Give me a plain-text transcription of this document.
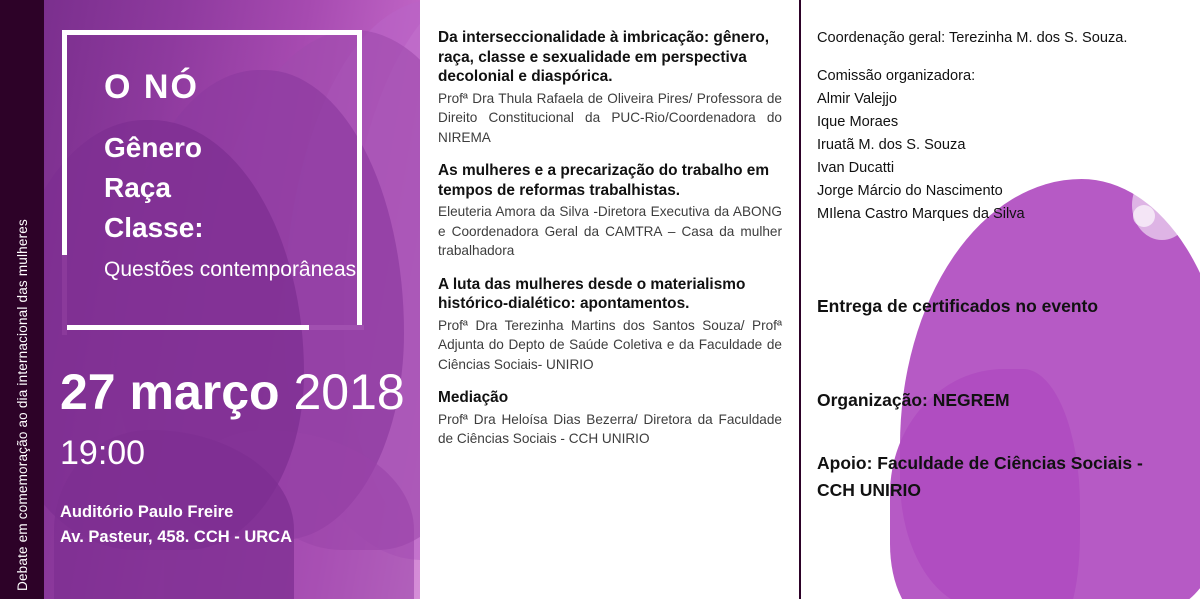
Debate em comemoração ao dia internacional das mulheres
O NÓ
Gênero
Raça
Classe:
Questões contemporâneas
27 março 2018
19:00
Auditório Paulo Freire
Av. Pasteur, 458. CCH - URCA
Da interseccionalidade à imbricação: gênero, raça, classe e sexualidade em perspectiva decolonial e diaspórica.

Profª Dra Thula Rafaela de Oliveira Pires/ Professora de Direito Constitucional da PUC-Rio/Coordenadora do NIREMA

As mulheres e a precarização do trabalho em tempos de reformas trabalhistas.

Eleuteria Amora da Silva -Diretora Executiva da ABONG e Coordenadora Geral da CAMTRA – Casa da mulher trabalhadora

A luta das mulheres desde o materialismo histórico-dialético: apontamentos.

Profª Dra Terezinha Martins dos Santos Souza/ Profª Adjunta do Depto de Saúde Coletiva e da Faculdade de Ciências Sociais- UNIRIO

Mediação

Profª Dra Heloísa Dias Bezerra/ Diretora da Faculdade de Ciências Sociais - CCH UNIRIO

Coordenação geral: Terezinha M. dos S. Souza.

Comissão organizadora:

Almir Valejjo
Ique Moraes
Iruatã M. dos S. Souza
Ivan Ducatti
Jorge Márcio do Nascimento
MIlena Castro Marques da Silva
Entrega de certificados no evento
Organização: NEGREM
Apoio: Faculdade de Ciências Sociais -CCH UNIRIO
